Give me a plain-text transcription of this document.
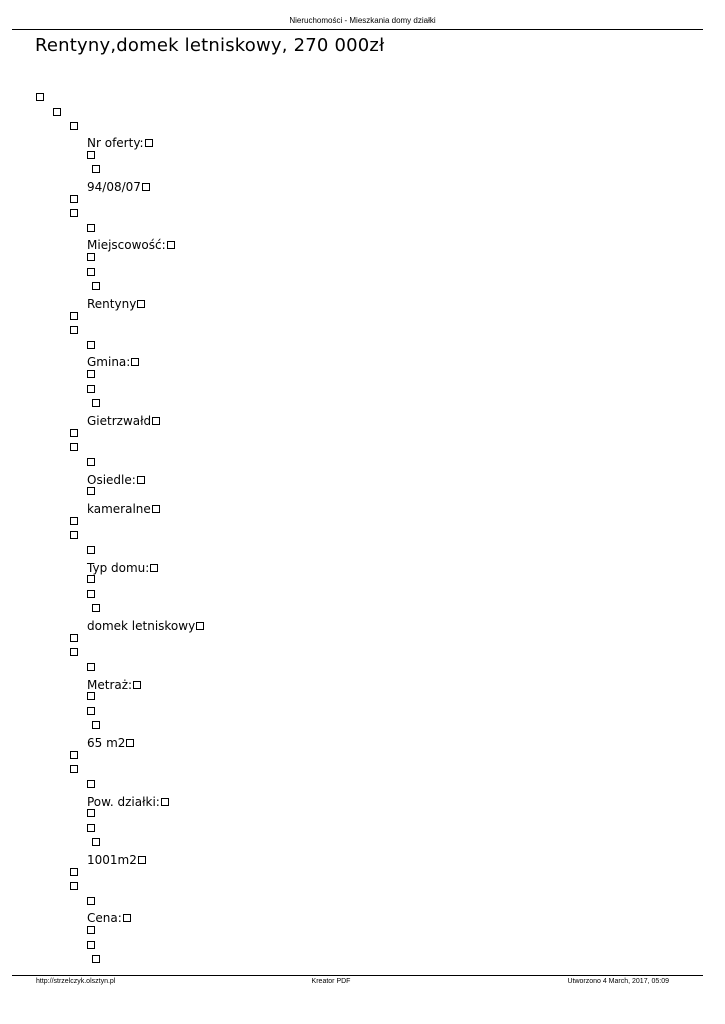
Nieruchomości - Mieszkania domy działki
Rentyny,domek letniskowy, 270 000zł
Nr oferty:
94/08/07
Miejscowość:
Rentyny
Gmina:
Gietrzwałd
Osiedle:
kameralne
Typ domu:
domek letniskowy
Metraż:
65 m2
Pow. działki:
1001m2
Cena:
http://strzelczyk.olsztyn.pl	Kreator PDF	Utworzono 4 March, 2017, 05:09
